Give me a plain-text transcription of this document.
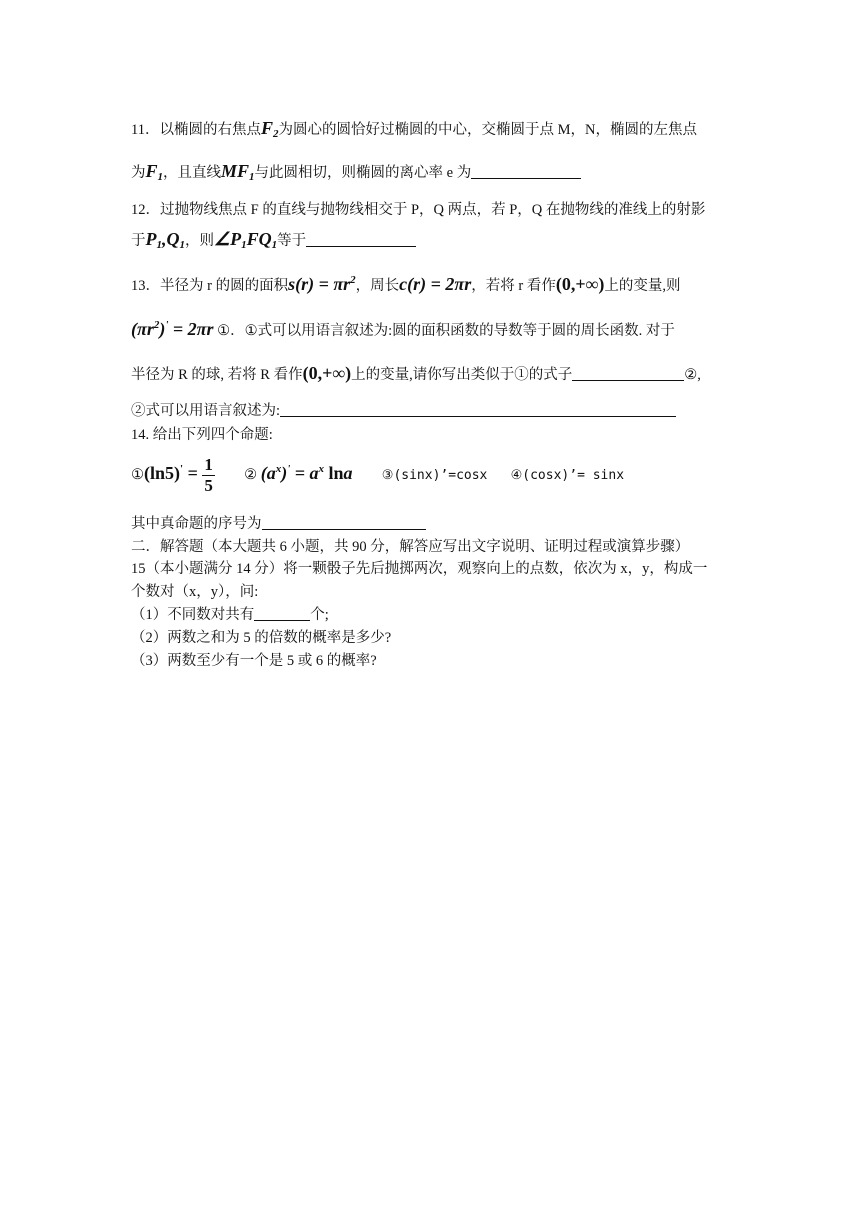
11．以椭圆的右焦点$F_2$为圆心的圆恰好过椭圆的中心，交椭圆于点 M，N，椭圆的左焦点
为$F_1$，且直线$MF_1$与此圆相切，则椭圆的离心率 e 为
12．过抛物线焦点 F 的直线与抛物线相交于 P，Q 两点，若 P，Q 在抛物线的准线上的射影
于$P_1,Q_1$，则$\angle P_1FQ_1$等于
13．半径为 r 的圆的面积$s(r) = \pi r^2$，周长c(r) = 2πr，若将 r 看作(0,+∞)上的变量,则
$(\pi r^2)' = 2\pi r$ ①．①式可以用语言叙述为:圆的面积函数的导数等于圆的周长函数. 对于
半径为 R 的球, 若将 R 看作(0,+∞)上的变量,请你写出类似于①的式子	②,
②式可以用语言叙述为:
14. 给出下列四个命题:
①(ln5)' = $\frac{1}{5}$ ② $(a^x)' = a^x$ lna ③(sinx)’=cosx ④(cosx)’= sinx
其中真命题的序号为
二．解答题（本大题共 6 小题，共 90 分，解答应写出文字说明、证明过程或演算步骤）
15（本小题满分 14 分）将一颗骰子先后抛掷两次，观察向上的点数，依次为 x，y，构成一
个数对（x，y），问:
（1）不同数对共有	个;
（2）两数之和为 5 的倍数的概率是多少?
（3）两数至少有一个是 5 或 6 的概率?
